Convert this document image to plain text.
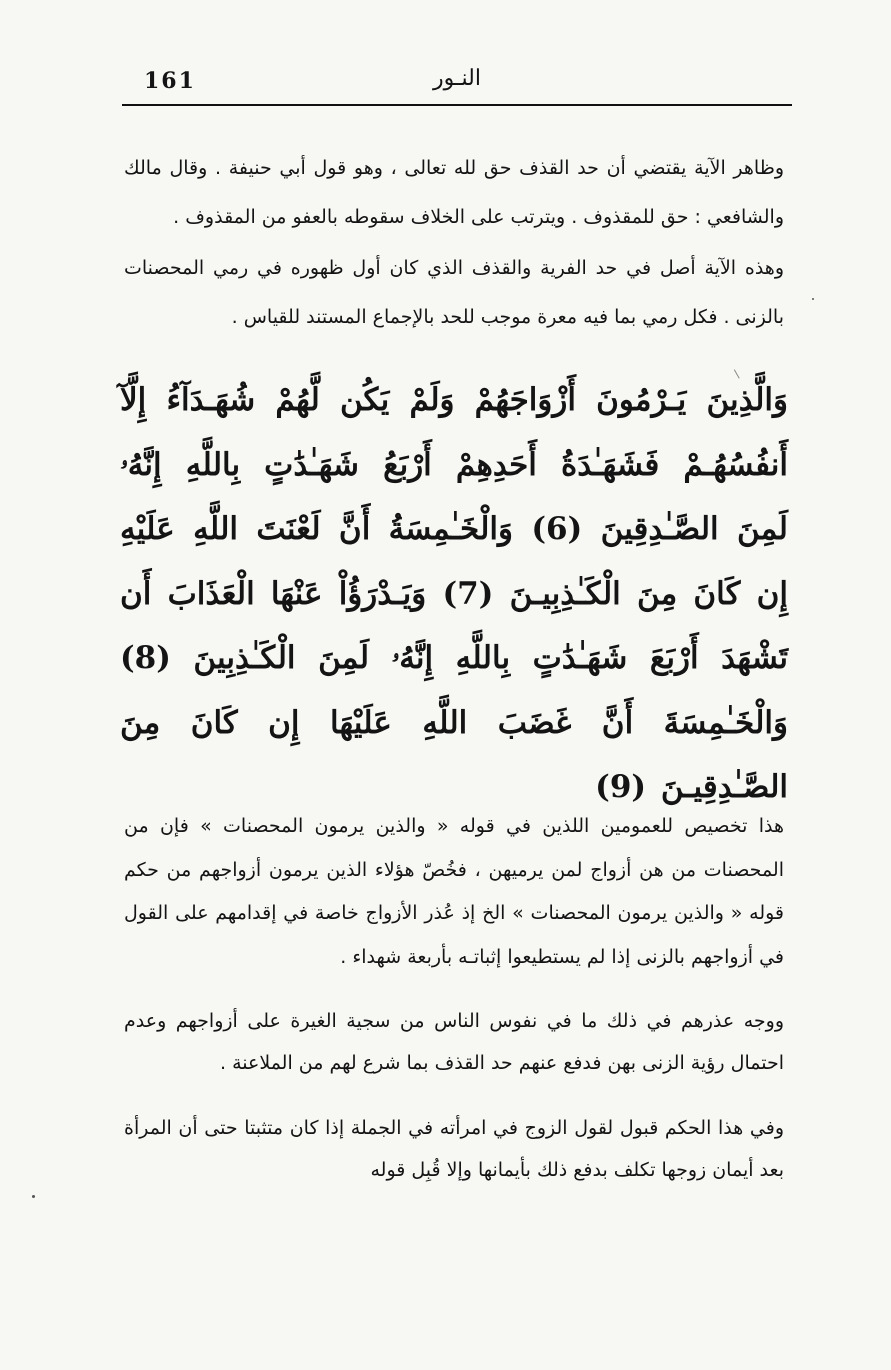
161	النـور

وظاهر الآية يقتضي أن حد القذف حق لله تعالى ، وهو قول أبي حنيفة . وقال مالك والشافعي : حق للمقذوف . ويترتب على الخلاف سقوطه بالعفو من المقذوف .

وهذه الآية أصل في حد الفرية والقذف الذي كان أول ظهوره في رمي المحصنات بالزنى . فكل رمي بما فيه معرة موجب للحد بالإجماع المستند للقياس .

وَالَّذِينَ يَـرْمُونَ أَزْوَاجَهُمْ وَلَمْ يَكُن لَّهُمْ شُهَـدَآءُ إِلَّآ أَنفُسُهُـمْ فَشَهَـٰدَةُ أَحَدِهِمْ أَرْبَعُ شَهَـٰدَٰتٍ بِاللَّهِ إِنَّهُۥ لَمِنَ الصَّـٰدِقِينَ (6) وَالْخَـٰمِسَةُ أَنَّ لَعْنَتَ اللَّهِ عَلَيْهِ إِن كَانَ مِنَ الْكَـٰذِبِيـنَ (7) وَيَـدْرَؤُاْ عَنْهَا الْعَذَابَ أَن تَشْهَدَ أَرْبَعَ شَهَـٰدَٰتٍ بِاللَّهِ إِنَّهُۥ لَمِنَ الْكَـٰذِبِينَ (8) وَالْخَـٰمِسَةَ أَنَّ غَضَبَ اللَّهِ عَلَيْهَا إِن كَانَ مِنَ الصَّـٰدِقِيـنَ (9)

هذا تخصيص للعمومين اللذين في قوله « والذين يرمون المحصنات » فإن من المحصنات من هن أزواج لمن يرميهن ، فخُصّ هؤلاء الذين يرمون أزواجهم من حكم قوله « والذين يرمون المحصنات » الخ إذ عُذر الأزواج خاصة في إقدامهم على القول في أزواجهم بالزنى إذا لم يستطيعوا إثباتـه بأربعة شهداء .

ووجه عذرهم في ذلك ما في نفوس الناس من سجية الغيرة على أزواجهم وعدم احتمال رؤية الزنى بهن فدفع عنهم حد القذف بما شرع لهم من الملاعنة .

وفي هذا الحكم قبول لقول الزوج في امرأته في الجملة إذا كان متثبتا حتى أن المرأة بعد أيمان زوجها تكلف بدفع ذلك بأيمانها وإلا قُبِل قوله
